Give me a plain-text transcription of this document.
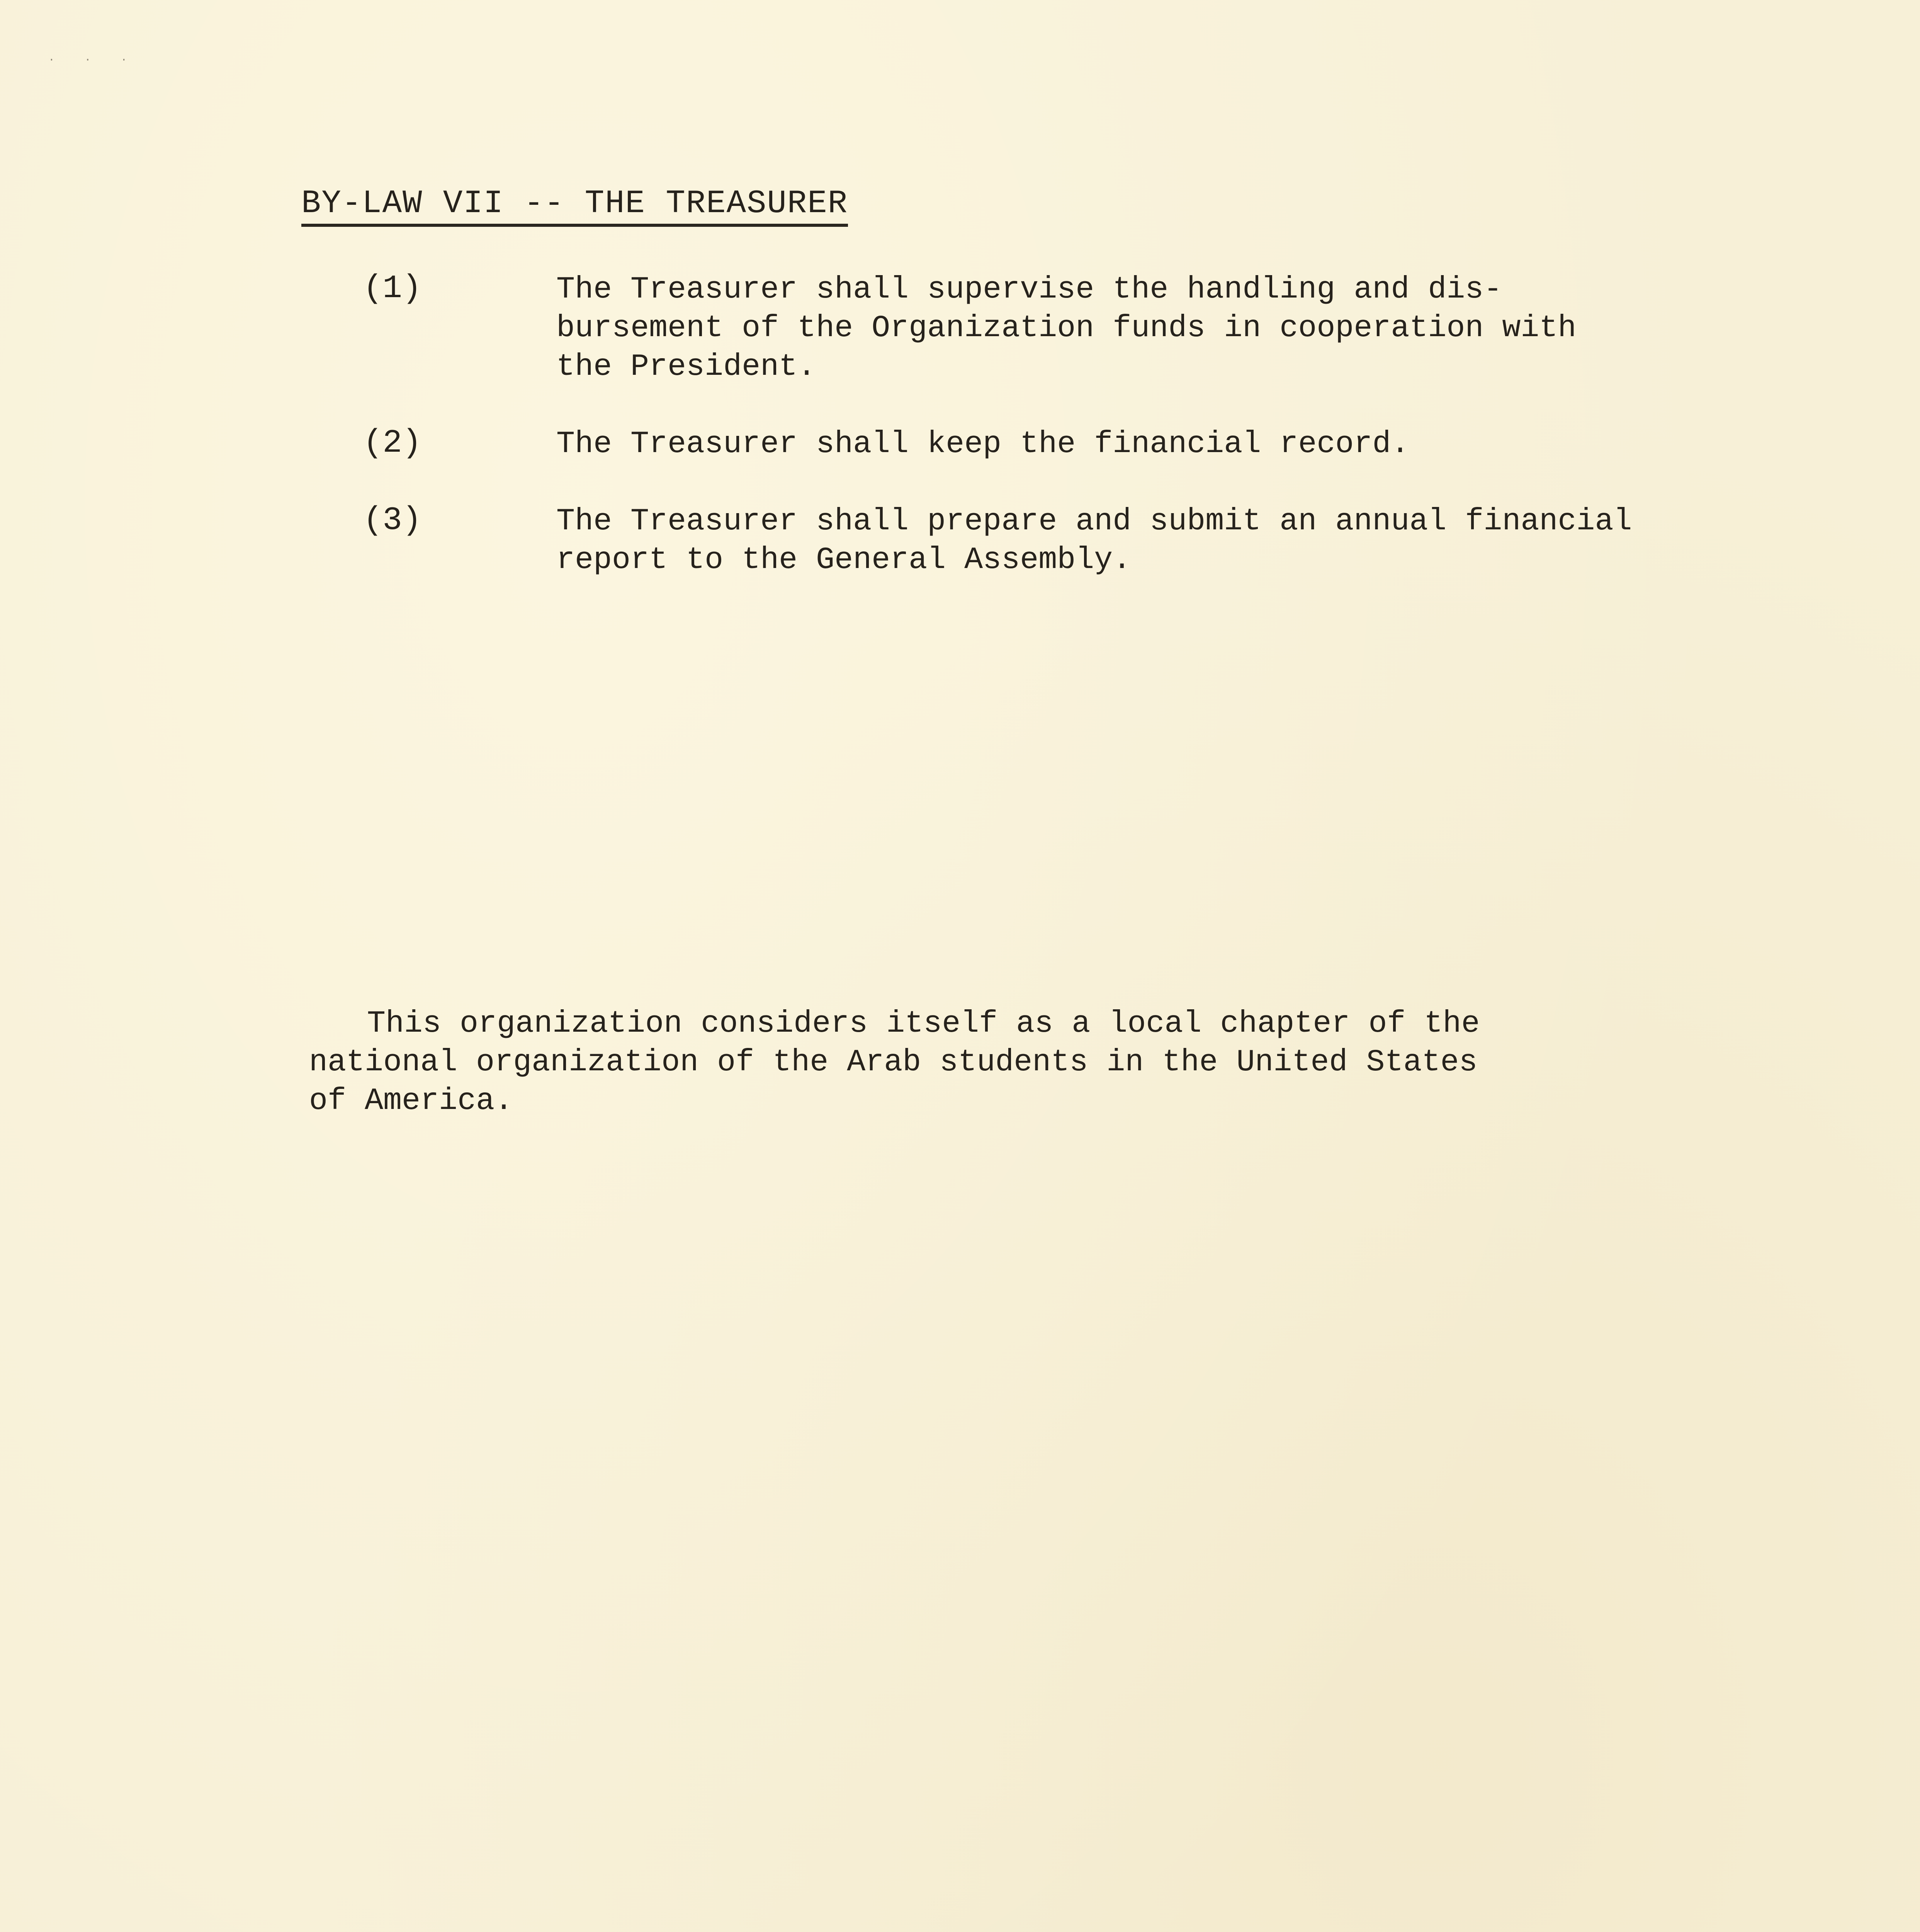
· · ·
BY-LAW VII -- THE TREASURER
(1)	The Treasurer shall supervise the handling and dis- bursement of the Organization funds in cooperation with the President.
(2)	The Treasurer shall keep the financial record.
(3)	The Treasurer shall prepare and submit an annual financial report to the General Assembly.
This organization considers itself as a local chapter of the national organization of the Arab students in the United States of America.
